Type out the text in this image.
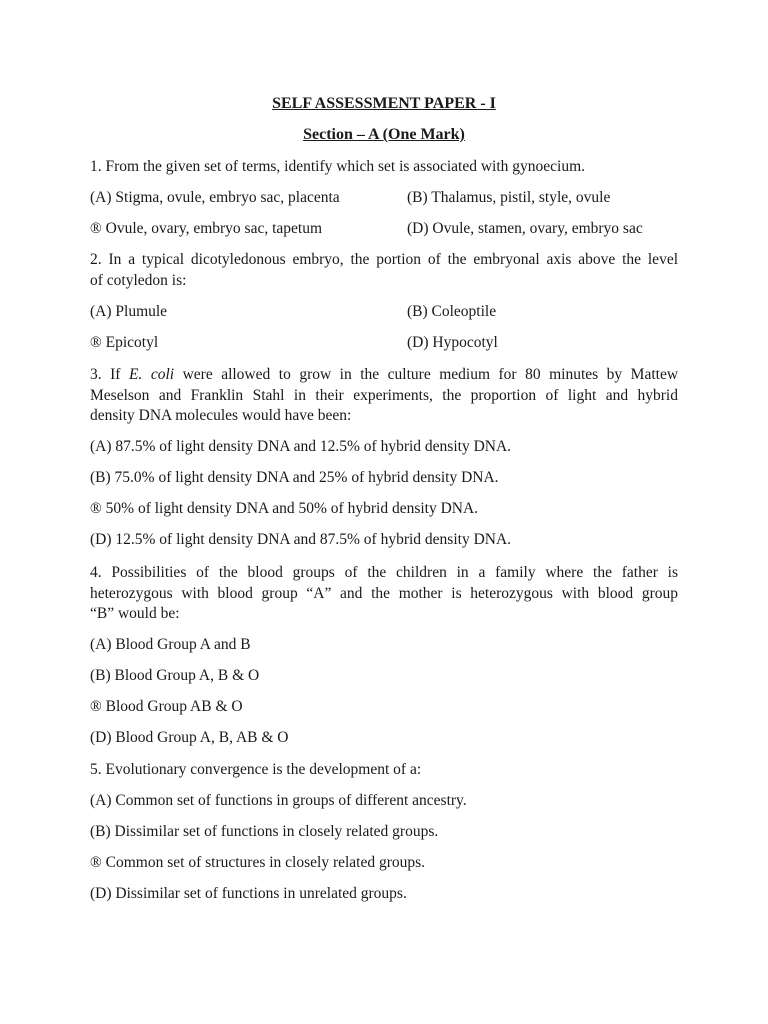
SELF ASSESSMENT PAPER - I
Section – A (One Mark)
1. From the given set of terms, identify which set is associated with gynoecium.
(A) Stigma, ovule, embryo sac, placenta	(B) Thalamus, pistil, style, ovule
® Ovule, ovary, embryo sac, tapetum	(D) Ovule, stamen, ovary, embryo sac
2. In a typical dicotyledonous embryo, the portion of the embryonal axis above the level
of cotyledon is:
(A) Plumule	(B) Coleoptile
® Epicotyl	(D) Hypocotyl
3. If E. coli were allowed to grow in the culture medium for 80 minutes by Mattew
Meselson and Franklin Stahl in their experiments, the proportion of light and hybrid
density DNA molecules would have been:
(A) 87.5% of light density DNA and 12.5% of hybrid density DNA.
(B) 75.0% of light density DNA and 25% of hybrid density DNA.
® 50% of light density DNA and 50% of hybrid density DNA.
(D) 12.5% of light density DNA and 87.5% of hybrid density DNA.
4. Possibilities of the blood groups of the children in a family where the father is
heterozygous with blood group “A” and the mother is heterozygous with blood group
“B” would be:
(A) Blood Group A and B
(B) Blood Group A, B & O
® Blood Group AB & O
(D) Blood Group A, B, AB & O
5. Evolutionary convergence is the development of a:
(A) Common set of functions in groups of different ancestry.
(B) Dissimilar set of functions in closely related groups.
® Common set of structures in closely related groups.
(D) Dissimilar set of functions in unrelated groups.
